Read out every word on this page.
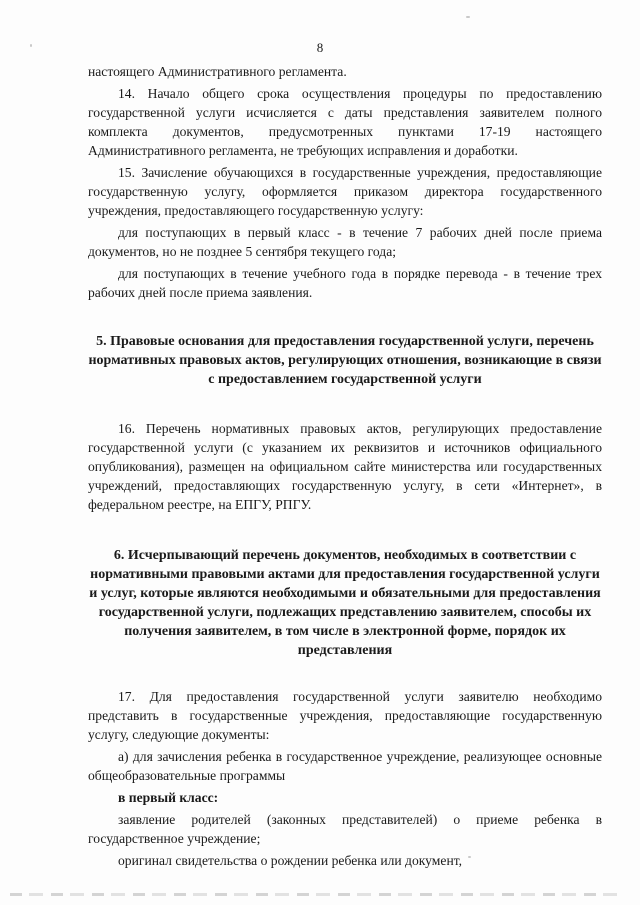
8

настоящего Административного регламента.

14. Начало общего срока осуществления процедуры по предоставлению государственной услуги исчисляется с даты представления заявителем полного комплекта документов, предусмотренных пунктами 17-19 настоящего Административного регламента, не требующих исправления и доработки.

15. Зачисление обучающихся в государственные учреждения, предоставляющие государственную услугу, оформляется приказом директора государственного учреждения, предоставляющего государственную услугу:

для поступающих в первый класс - в течение 7 рабочих дней после приема документов, но не позднее 5 сентября текущего года;

для поступающих в течение учебного года в порядке перевода - в течение трех рабочих дней после приема заявления.

5. Правовые основания для предоставления государственной услуги, перечень нормативных правовых актов, регулирующих отношения, возникающие в связи с предоставлением государственной услуги

16. Перечень нормативных правовых актов, регулирующих предоставление государственной услуги (с указанием их реквизитов и источников официального опубликования), размещен на официальном сайте министерства или государственных учреждений, предоставляющих государственную услугу, в сети «Интернет», в федеральном реестре, на ЕПГУ, РПГУ.

6. Исчерпывающий перечень документов, необходимых в соответствии с нормативными правовыми актами для предоставления государственной услуги и услуг, которые являются необходимыми и обязательными для предоставления государственной услуги, подлежащих представлению заявителем, способы их получения заявителем, в том числе в электронной форме, порядок их представления

17. Для предоставления государственной услуги заявителю необходимо представить в государственные учреждения, предоставляющие государственную услугу, следующие документы:

а) для зачисления ребенка в государственное учреждение, реализующее основные общеобразовательные программы

в первый класс:

заявление родителей (законных представителей) о приеме ребенка в государственное учреждение;

оригинал свидетельства о рождении ребенка или документ,
